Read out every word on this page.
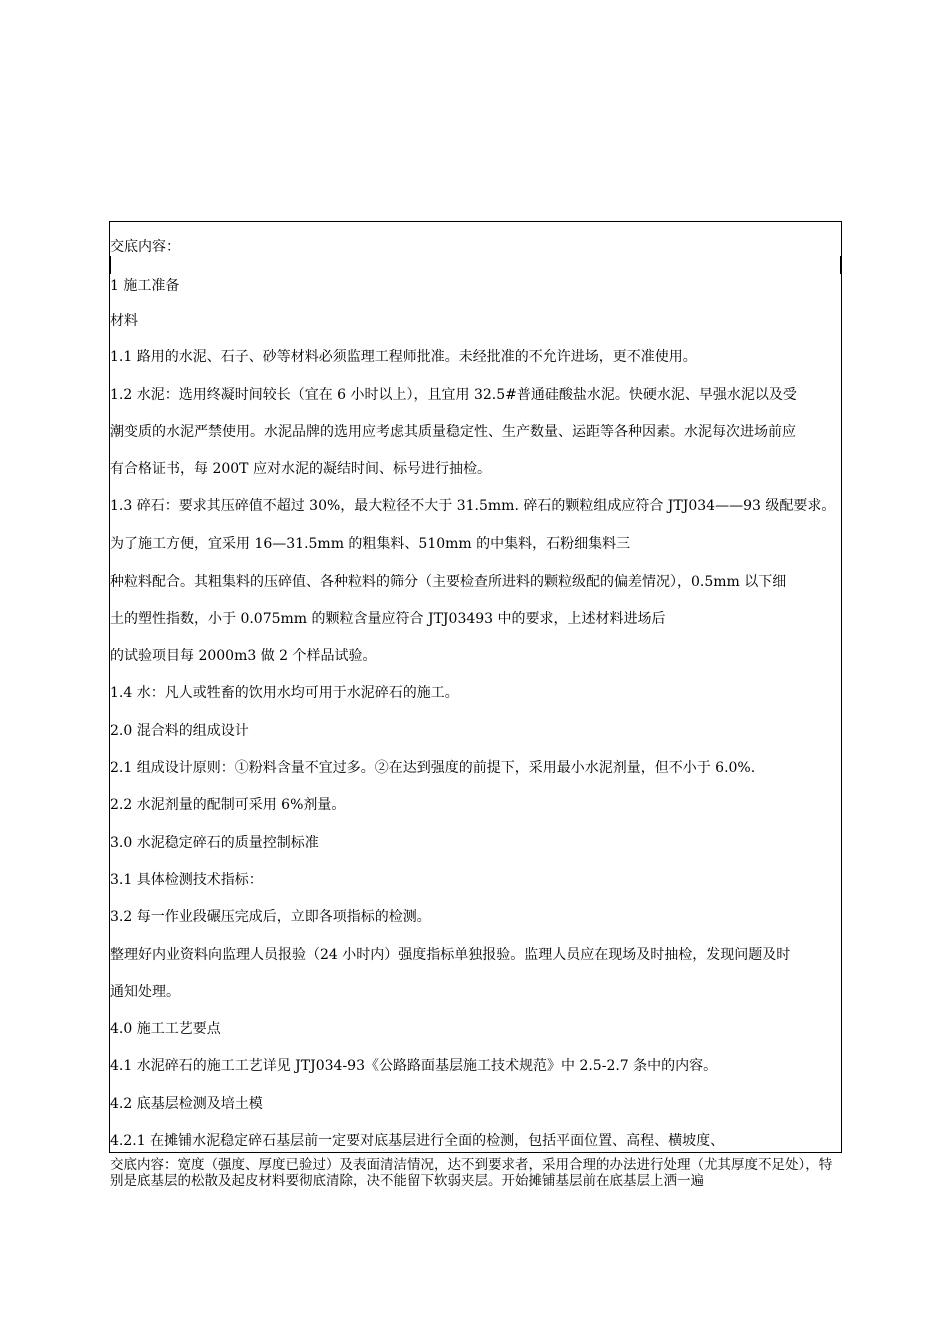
交底内容：
1 施工准备
材料
1.1 路用的水泥、石子、砂等材料必须监理工程师批准。未经批准的不允许进场，更不准使用。
1.2 水泥：选用终凝时间较长（宜在 6 小时以上），且宜用 32.5#普通硅酸盐水泥。快硬水泥、早强水泥以及受
潮变质的水泥严禁使用。水泥品牌的选用应考虑其质量稳定性、生产数量、运距等各种因素。水泥每次进场前应
有合格证书，每 200T 应对水泥的凝结时间、标号进行抽检。
1.3 碎石：要求其压碎值不超过 30%，最大粒径不大于 31.5mm. 碎石的颗粒组成应符合 JTJ034——93 级配要求。
为了施工方便，宜采用 16—31.5mm 的粗集料、510mm 的中集料，石粉细集料三
种粒料配合。其粗集料的压碎值、各种粒料的筛分（主要检查所进料的颗粒级配的偏差情况），0.5mm 以下细
土的塑性指数，小于 0.075mm 的颗粒含量应符合 JTJ03493 中的要求，上述材料进场后
的试验项目每 2000m3 做 2 个样品试验。
1.4 水：凡人或牲畜的饮用水均可用于水泥碎石的施工。
2.0 混合料的组成设计
2.1 组成设计原则：①粉料含量不宜过多。②在达到强度的前提下，采用最小水泥剂量，但不小于 6.0%.
2.2 水泥剂量的配制可采用 6%剂量。
3.0 水泥稳定碎石的质量控制标准
3.1 具体检测技术指标：
3.2 每一作业段碾压完成后，立即各项指标的检测。
整理好内业资料向监理人员报验（24 小时内）强度指标单独报验。监理人员应在现场及时抽检，发现问题及时
通知处理。
4.0 施工工艺要点
4.1 水泥碎石的施工工艺详见 JTJ034-93《公路路面基层施工技术规范》中 2.5-2.7 条中的内容。
4.2 底基层检测及培土模
4.2.1 在摊铺水泥稳定碎石基层前一定要对底基层进行全面的检测，包括平面位置、高程、横坡度、
交底内容：宽度（强度、厚度已验过）及表面清洁情况，达不到要求者，采用合理的办法进行处理（尤其厚度不足处），特别是底基层的松散及起皮材料要彻底清除，决不能留下软弱夹层。开始摊铺基层前在底基层上洒一遍
